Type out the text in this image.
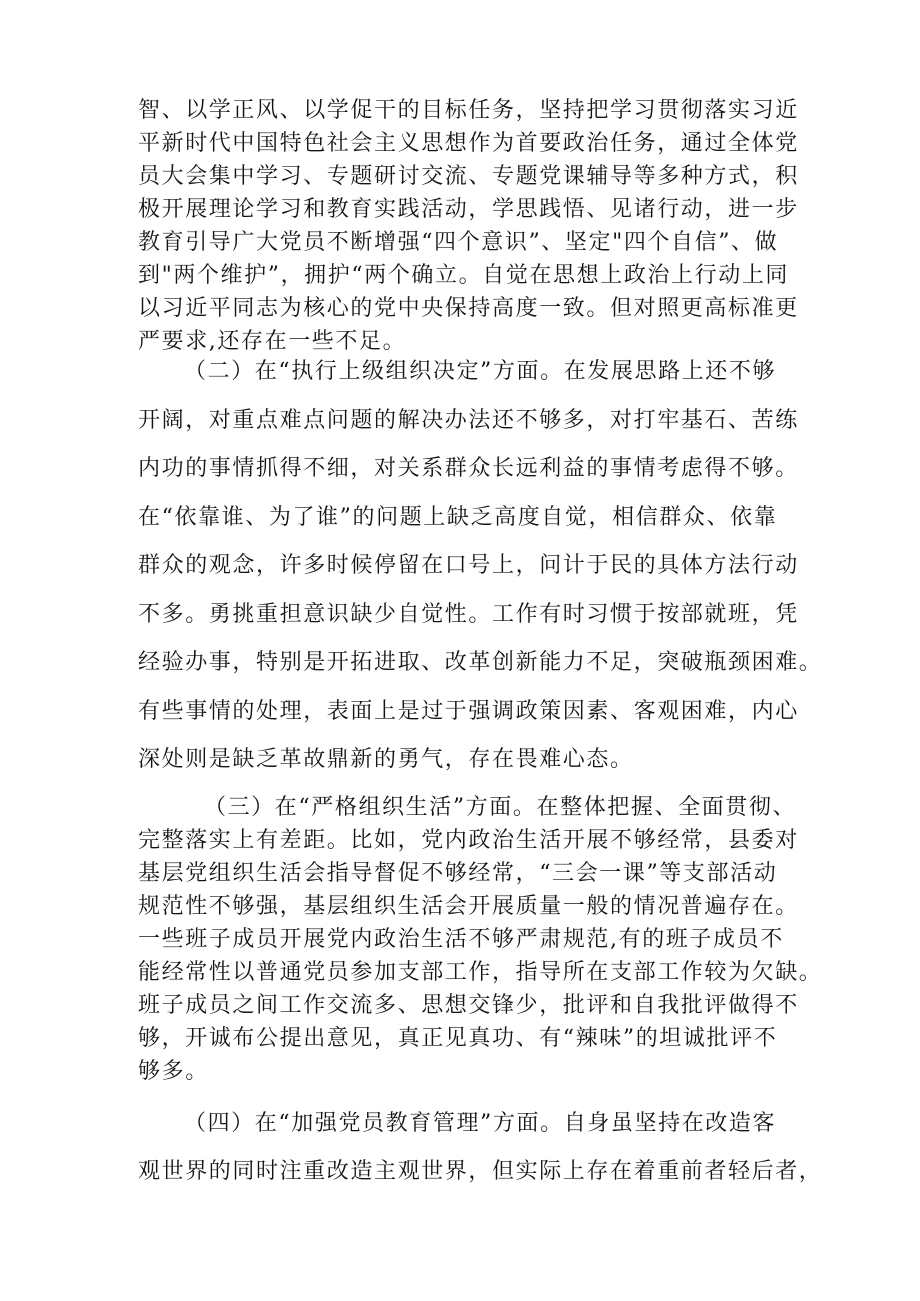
智、以学正风、以学促干的目标任务，坚持把学习贯彻落实习近

平新时代中国特色社会主义思想作为首要政治任务，通过全体党

员大会集中学习、专题研讨交流、专题党课辅导等多种方式，积

极开展理论学习和教育实践活动，学思践悟、见诸行动，进一步

教育引导广大党员不断增强“四个意识”、坚定"四个自信”、做

到"两个维护”，拥护“两个确立。自觉在思想上政治上行动上同

以习近平同志为核心的党中央保持高度一致。但对照更高标准更

严要求,还存在一些不足。

（二）在“执行上级组织决定”方面。在发展思路上还不够

开阔，对重点难点问题的解决办法还不够多，对打牢基石、苦练

内功的事情抓得不细，对关系群众长远利益的事情考虑得不够。

在“依靠谁、为了谁”的问题上缺乏高度自觉，相信群众、依靠

群众的观念，许多时候停留在口号上，问计于民的具体方法行动

不多。勇挑重担意识缺少自觉性。工作有时习惯于按部就班，凭

经验办事，特别是开拓进取、改革创新能力不足，突破瓶颈困难。

有些事情的处理，表面上是过于强调政策因素、客观困难，内心

深处则是缺乏革故鼎新的勇气，存在畏难心态。

（三）在“严格组织生活”方面。在整体把握、全面贯彻、

完整落实上有差距。比如，党内政治生活开展不够经常，县委对

基层党组织生活会指导督促不够经常，“三会一课”等支部活动

规范性不够强，基层组织生活会开展质量一般的情况普遍存在。

一些班子成员开展党内政治生活不够严肃规范,有的班子成员不

能经常性以普通党员参加支部工作，指导所在支部工作较为欠缺。

班子成员之间工作交流多、思想交锋少，批评和自我批评做得不

够，开诚布公提出意见，真正见真功、有“辣味”的坦诚批评不

够多。

（四）在“加强党员教育管理”方面。自身虽坚持在改造客

观世界的同时注重改造主观世界，但实际上存在着重前者轻后者，
